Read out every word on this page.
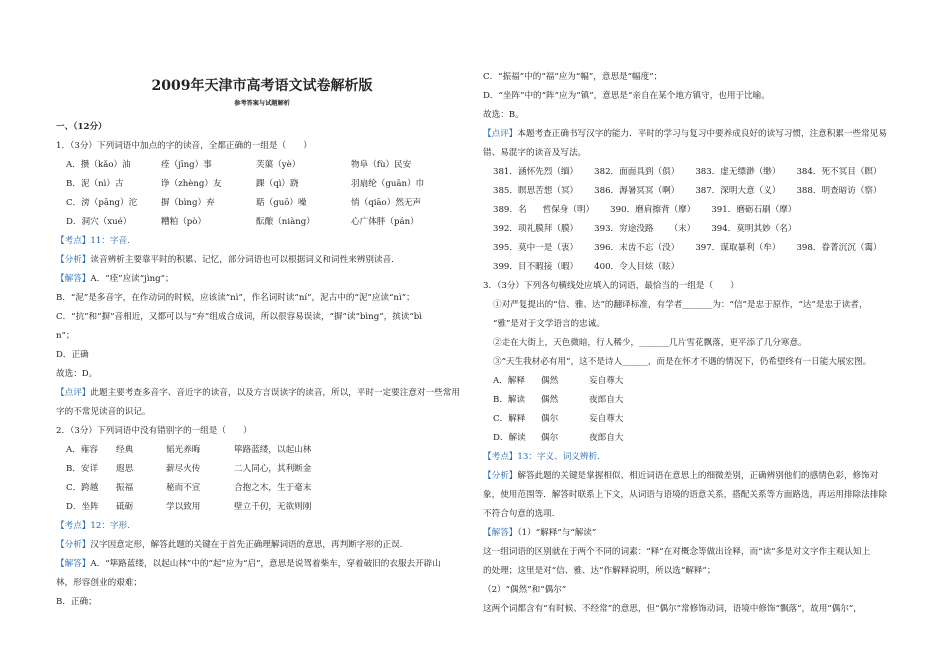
2009年天津市高考语文试卷解析版
参考答案与试题解析
一、（12分）
1．（3分）下列词语中加点的字的读音，全都正确的一组是（　　）
A．攒（kǎo）油	痊（jīng）事	芙蕖（yè）	物阜（fù）民安
B．泥（nì）古	诤（zhèng）友	踝（qì）跷	羽扇纶（guān）巾
C．滂（pāng）沱	摒（bìng）弃	聒（guō）噪	悄（qiāo）然无声
D．洞穴（xué）	糟粕（pò）	酝酿（niàng）	心广体胖（pán）
【考点】11：字音.
【分析】读音辨析主要靠平时的积累、记忆，部分词语也可以根据词义和词性来辨别读音.
【解答】A．“痊”应读“jìng”；
B．“泥”是多音字，在作动词的时候，应该读“nì”，作名词时读“ní”，泥古中的“泥”应读“nì”；
C．“抗”和“摒”音相近，又都可以与“弃”组成合成词，所以很容易误读，“摒”读“bìng”，摈读“bì
n”；
D．正确
故选：D。
【点评】此题主要考查多音字、音近字的读音，以及方言误读字的读音，所以，平时一定要注意对一些常用
字的不常见读音的识记。
2．（3分）下列词语中没有错别字的一组是（　　）
A．雍容	经典	韬光养晦	筚路蓝缕，以起山林
B．安详	遐思	薪尽火传	二人同心，其利断金
C．跨越	振福	秘而不宣	合抱之木，生于毫末
D．坐阵	砥砺	学以致用	壁立千仞，无欲则刚
【考点】12：字形.
【分析】汉字因意定形，解答此题的关键在于首先正确理解词语的意思，再判断字形的正误.
【解答】A．“筚路蓝缕，以起山林”中的“起”应为“启”，意思是说驾着柴车，穿着破旧的衣服去开辟山
林，形容创业的艰难；
B．正确；
C．“振福”中的“福”应为“幅”，意思是“幅度”；
D．“坐阵”中的“阵”应为“镇”，意思是“亲自在某个地方镇守，也用于比喻。
故选：B。
【点评】本题考查正确书写汉字的能力．平时的学习与复习中要养成良好的读写习惯，注意积累一些常见易
错、易混字的读音及写法。
381．涵怀先烈（缅） 382．面面具到（俱） 383．虚无缥渺（缈） 384．死不冥目（瞑）
385．瞑思苦想（冥） 386．溽暑冥冥（啊） 387．深明大意（义） 388．明查暗访（察）
389．名 哲保身（明） 390．磨肩擦背（摩） 391．磨砺石刷（摩）
392．项礼膜拜（膜） 393．穷途没路 （末） 394．莫明其妙（名）
395．莫中一是（衷） 396．末齿不忘（没） 397．谋取暴利（牟） 398．眷菁沉沉（霭）
399．目不暇接（暇） 400．令人目炫（眩）
3．（3分）下列各句横线处应填入的词语，最恰当的一组是（　　）
①对严复提出的“信、雅、达”的翻译标准，有学者_______为：“信”是忠于原作，“达”是忠于读者，
“雅”是对于文学语言的忠诚。
②走在大街上，天色微暗，行人稀少，_______几片雪花飘落，更平添了几分寒意。
③“天生我材必有用”，这不是诗人______，而是在怀才不遇的情况下，仍希望终有一日能大展宏图。
A．解释	偶然	妄自尊大
B．解读	偶然	夜郎自大
C．解释	偶尔	妄自尊大
D．解读	偶尔	夜郎自大
【考点】13：字义、词义辨析.
【分析】解答此题的关键是掌握相似、相近词语在意思上的细微差别，正确辨别他们的感情色彩，修饰对
象，使用范围等．解答时联系上下文，从词语与语境的语意关系，搭配关系等方面路选，再运用排除法排除
不符合句意的选项.
【解答】（1）“解释”与“解读”
这一组词语的区别就在于两个不同的词素：“释”在对概念等做出诠释，而“读”多是对文字作主观认知上
的处理；这里是对“信、雅、达”作解释说明，所以选“解释”；
（2）“偶然”和“偶尔”
这两个词都含有“有时候、不经常”的意思，但“偶尔”常修饰动词，语境中修饰“飘落”，故用“偶尔”，
